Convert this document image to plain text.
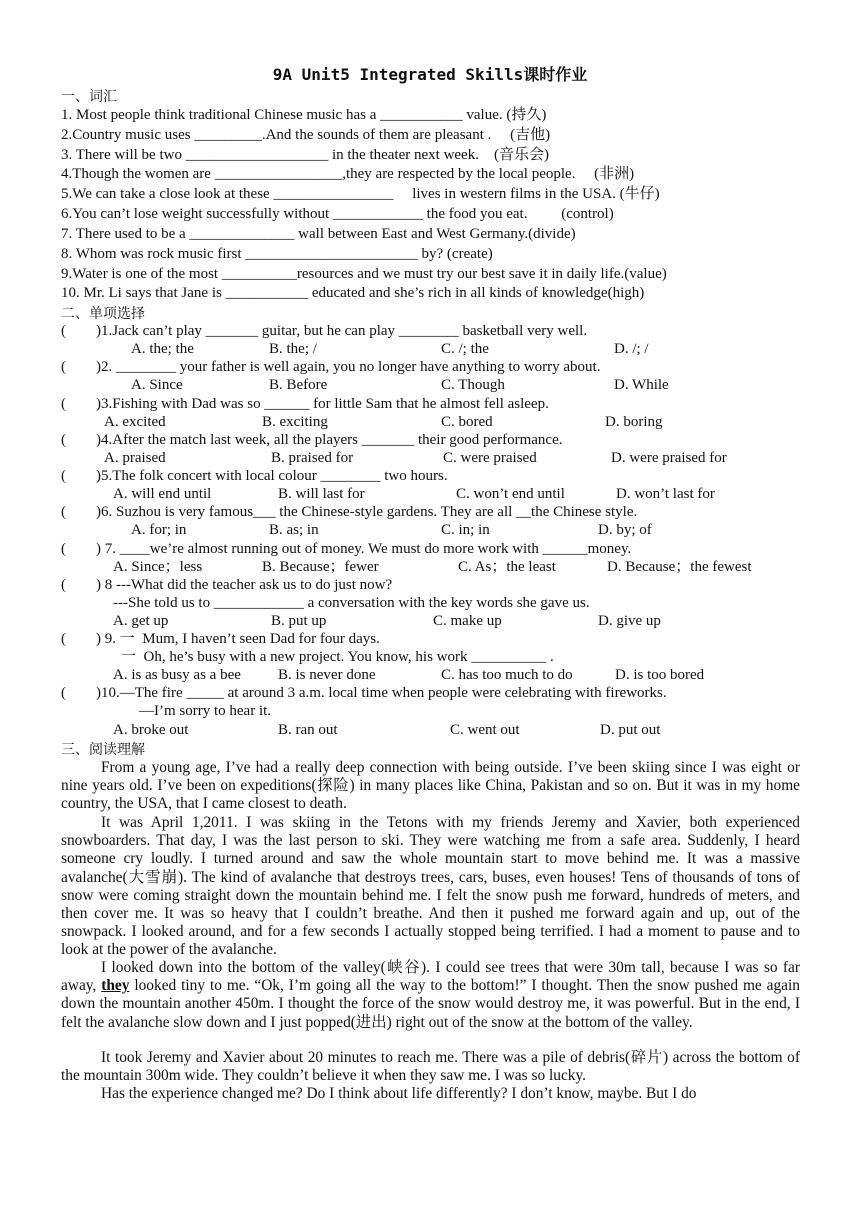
9A Unit5 Integrated Skills课时作业
一、词汇
1. Most people think traditional Chinese music has a ___________ value. (持久)
2.Country music uses _________.And the sounds of them are pleasant .     (吉他)
3. There will be two ___________________ in the theater next week.    (音乐会)
4.Though the women are _________________,they are respected by the local people.     (非洲)
5.We can take a close look at these ________________     lives in western films in the USA. (牛仔)
6.You can’t lose weight successfully without ____________ the food you eat.         (control)
7. There used to be a ______________ wall between East and West Germany.(divide)
8. Whom was rock music first _______________________ by? (create)
9.Water is one of the most __________resources and we must try our best save it in daily life.(value)
10. Mr. Li says that Jane is ___________ educated and she’s rich in all kinds of knowledge(high)
二、单项选择
(        )1.Jack can’t play _______ guitar, but he can play ________ basketball very well.
A. the; the	B. the; /	C. /; the	D. /; /
(        )2. ________ your father is well again, you no longer have anything to worry about.
A. Since	B. Before	C. Though	D. While
(        )3.Fishing with Dad was so ______ for little Sam that he almost fell asleep.
A. excited	B. exciting	C. bored	D. boring
(        )4.After the match last week, all the players _______ their good performance.
A. praised	B. praised for	C. were praised	D. were praised for
(        )5.The folk concert with local colour ________ two hours.
A. will end until	B. will last for	C. won’t end until	D. won’t last for
(        )6. Suzhou is very famous___ the Chinese-style gardens. They are all __the Chinese style.
A. for; in	B. as; in	C. in; in	D. by; of
(        ) 7. ____we’re almost running out of money. We must do more work with ______money.
A. Since；less	B. Because；fewer	C. As；the least	D. Because；the fewest
(        ) 8 ---What did the teacher ask us to do just now?
---She told us to ____________ a conversation with the key words she gave us.
A. get up	B. put up	C. make up	D. give up
(        ) 9. 一  Mum, I haven’t seen Dad for four days.
一  Oh, he’s busy with a new project. You know, his work __________ .
A. is as busy as a bee B. is never done	C. has too much to do	D. is too bored
(        )10.—The fire _____ at around 3 a.m. local time when people were celebrating with fireworks.
—I’m sorry to hear it.
A. broke out	B. ran out	C. went out	D. put out
三、阅读理解

From a young age, I’ve had a really deep connection with being outside. I’ve been skiing since I was eight or nine years old. I’ve been on expeditions(探险) in many places like China, Pakistan and so on. But it was in my home country, the USA, that I came closest to death.

It was April 1,2011. I was skiing in the Tetons with my friends Jeremy and Xavier, both experienced snowboarders. That day, I was the last person to ski. They were watching me from a safe area. Suddenly, I heard someone cry loudly. I turned around and saw the whole mountain start to move behind me. It was a massive avalanche(大雪崩). The kind of avalanche that destroys trees, cars, buses, even houses! Tens of thousands of tons of snow were coming straight down the mountain behind me. I felt the snow push me forward, hundreds of meters, and then cover me. It was so heavy that I couldn’t breathe. And then it pushed me forward again and up, out of the snowpack. I looked around, and for a few seconds I actually stopped being terrified. I had a moment to pause and to look at the power of the avalanche.

I looked down into the bottom of the valley(峡谷). I could see trees that were 30m tall, because I was so far away, they looked tiny to me. “Ok, I’m going all the way to the bottom!” I thought. Then the snow pushed me again down the mountain another 450m. I thought the force of the snow would destroy me, it was powerful. But in the end, I felt the avalanche slow down and I just popped(进出) right out of the snow at the bottom of the valley.

It took Jeremy and Xavier about 20 minutes to reach me. There was a pile of debris(碎片) across the bottom of the mountain 300m wide. They couldn’t believe it when they saw me. I was so lucky.

Has the experience changed me? Do I think about life differently? I don’t know, maybe. But I do
